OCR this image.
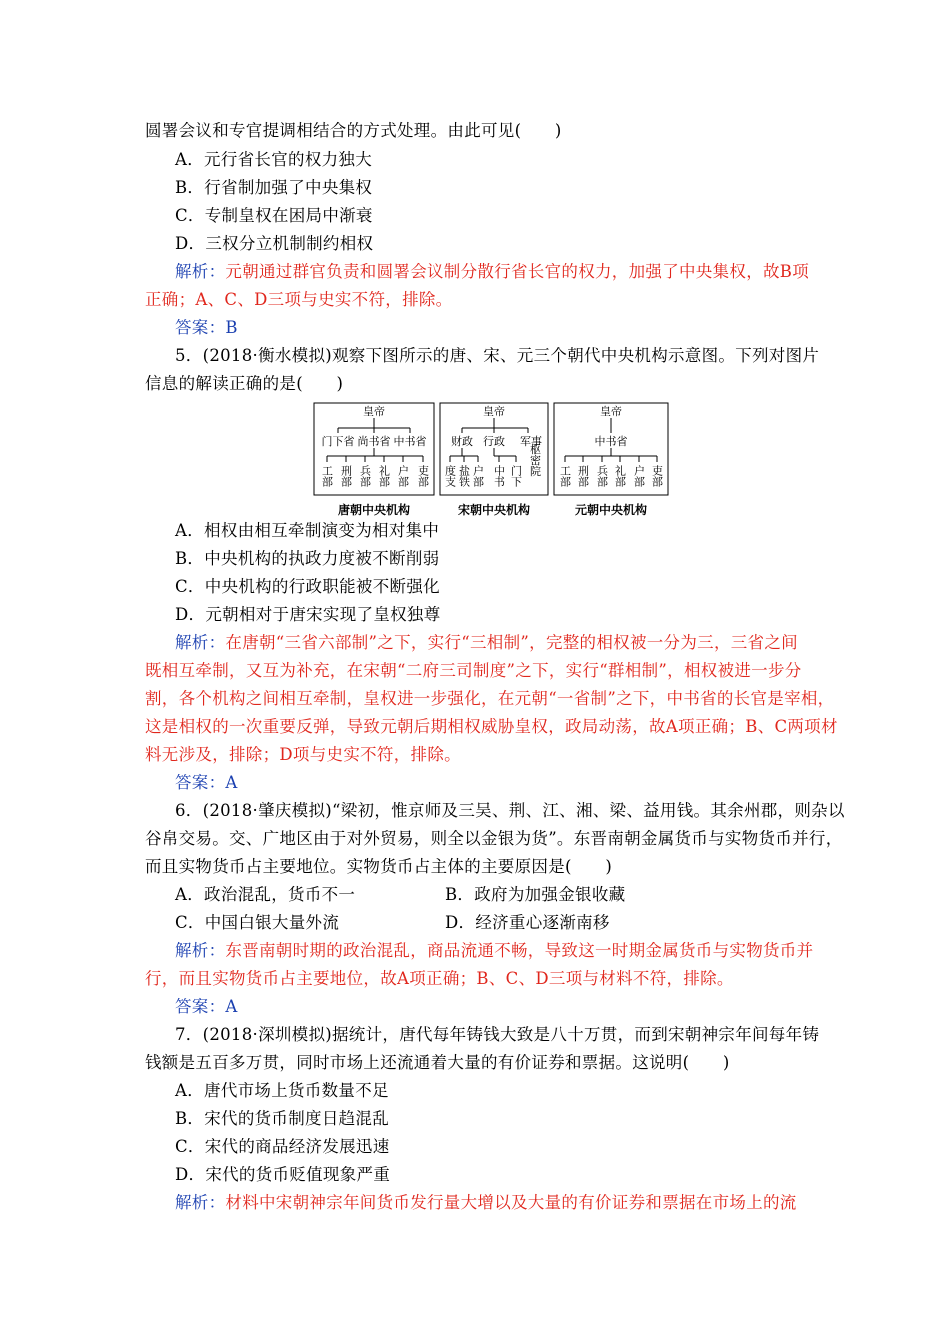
圆署会议和专官提调相结合的方式处理。由此可见(　　)
A．元行省长官的权力独大
B．行省制加强了中央集权
C．专制皇权在困局中渐衰
D．三权分立机制制约相权
解析：元朝通过群官负责和圆署会议制分散行省长官的权力，加强了中央集权，故B项
正确；A、C、D三项与史实不符，排除。
答案：B
5．(2018·衡水模拟)观察下图所示的唐、宋、元三个朝代中央机构示意图。下列对图片
信息的解读正确的是(　　)
皇帝
门下省 尚书省 中书省
工部 刑部 兵部 礼部 户部 吏部
皇帝
财政 行政 军事
度支 盐铁 户部 中书 门下 枢密院
皇帝
中书省
工部 刑部 兵部 礼部 户部 吏部
唐朝中央机构	宋朝中央机构	元朝中央机构
A．相权由相互牵制演变为相对集中
B．中央机构的执政力度被不断削弱
C．中央机构的行政职能被不断强化
D．元朝相对于唐宋实现了皇权独尊
解析：在唐朝“三省六部制”之下，实行“三相制”，完整的相权被一分为三，三省之间
既相互牵制，又互为补充，在宋朝“二府三司制度”之下，实行“群相制”，相权被进一步分
割，各个机构之间相互牵制，皇权进一步强化，在元朝“一省制”之下，中书省的长官是宰相，
这是相权的一次重要反弹，导致元朝后期相权威胁皇权，政局动荡，故A项正确；B、C两项材
料无涉及，排除；D项与史实不符，排除。
答案：A
6．(2018·肇庆模拟)“梁初，惟京师及三吴、荆、江、湘、梁、益用钱。其余州郡，则杂以
谷帛交易。交、广地区由于对外贸易，则全以金银为货”。东晋南朝金属货币与实物货币并行，
而且实物货币占主要地位。实物货币占主体的主要原因是(　　)
A．政治混乱，货币不一	B．政府为加强金银收藏
C．中国白银大量外流	D．经济重心逐渐南移
解析：东晋南朝时期的政治混乱，商品流通不畅，导致这一时期金属货币与实物货币并
行，而且实物货币占主要地位，故A项正确；B、C、D三项与材料不符，排除。
答案：A
7．(2018·深圳模拟)据统计，唐代每年铸钱大致是八十万贯，而到宋朝神宗年间每年铸
钱额是五百多万贯，同时市场上还流通着大量的有价证券和票据。这说明(　　)
A．唐代市场上货币数量不足
B．宋代的货币制度日趋混乱
C．宋代的商品经济发展迅速
D．宋代的货币贬值现象严重
解析：材料中宋朝神宗年间货币发行量大增以及大量的有价证券和票据在市场上的流
